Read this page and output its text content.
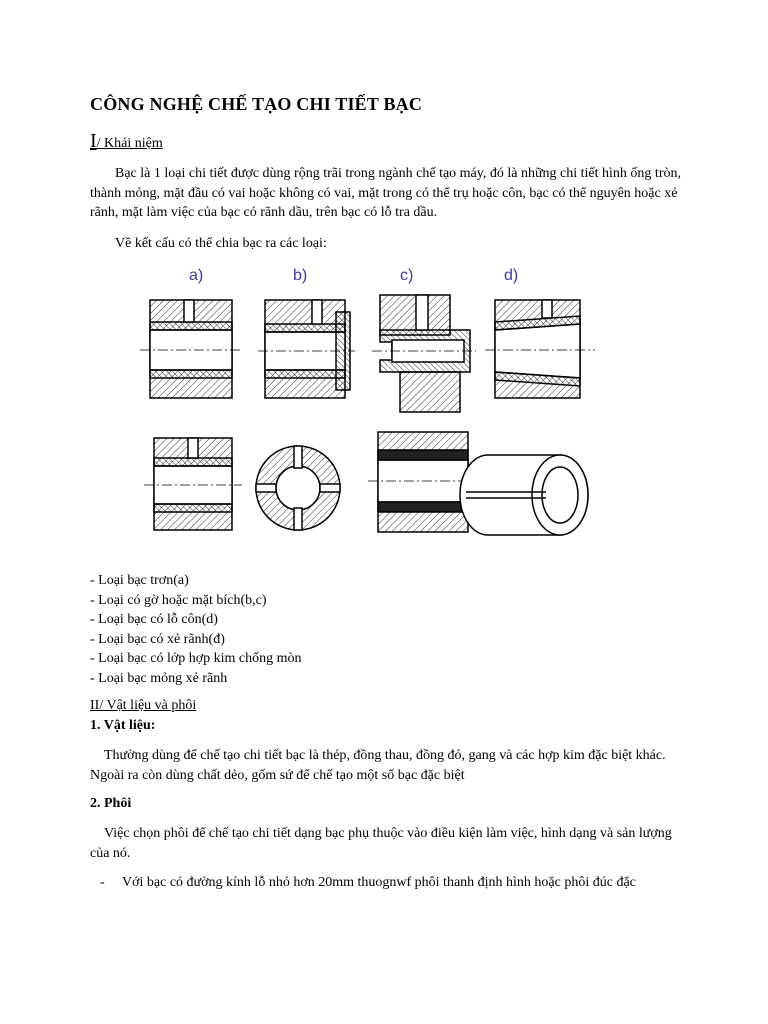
CÔNG NGHỆ CHẾ TẠO CHI TIẾT BẠC
I/ Khái niệm

Bạc là 1 loại chi tiết được dùng rộng trãi trong ngành chế tạo máy, đó là những chi tiết hình ống tròn, thành mỏng, mặt đầu có vai hoặc không có vai, mặt trong có thể trụ hoặc côn, bạc có thể nguyên hoặc xẻ rãnh, mặt làm việc của bạc có rãnh dầu, trên bạc có lỗ tra dầu.

Về kết cấu có thể chia bạc ra các loại:

a)	b)	c)	d)
- Loại bạc trơn(a)
- Loại có gờ hoặc mặt bích(b,c)
- Loại bạc có lỗ côn(d)
- Loại bạc có xẻ rãnh(đ)
- Loại bạc có lớp hợp kim chống mòn
- Loại bạc mỏng xẻ rãnh
II/ Vật liệu và phôi
1. Vật liệu:

Thường dùng để chế tạo chi tiết bạc là thép, đồng thau, đồng đỏ, gang và các hợp kim đặc biệt khác. Ngoài ra còn dùng chất dẻo, gốm sứ để chế tạo một số bạc đặc biệt

2. Phôi

Việc chọn phôi để chế tạo chi tiết dạng bạc phụ thuộc vào điều kiện làm việc, hình dạng và sản lượng của nó.

- Với bạc có đường kính lỗ nhỏ hơn 20mm thuognwf phôi thanh định hình hoặc phôi đúc đặc
